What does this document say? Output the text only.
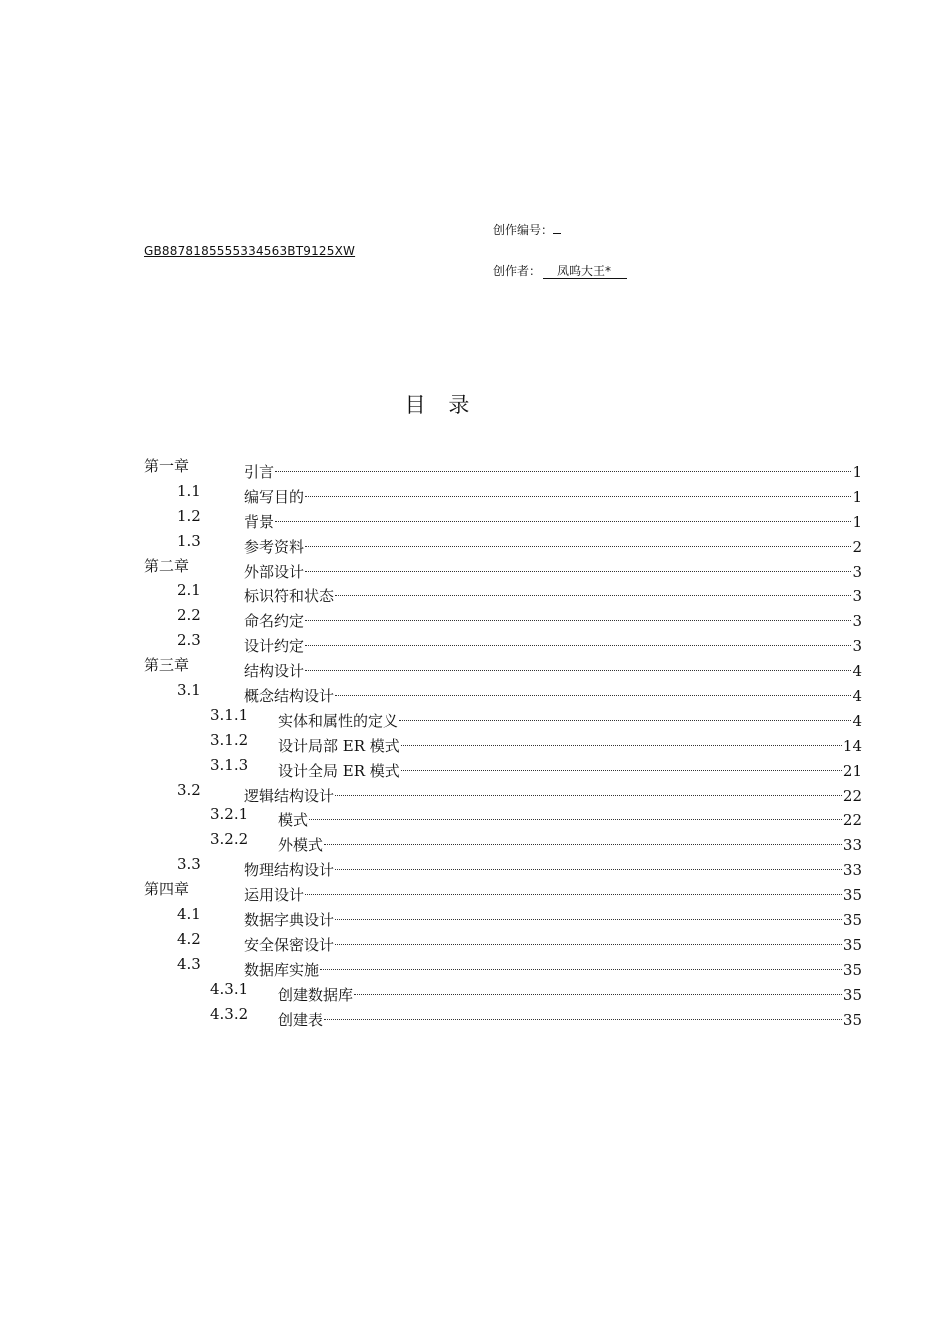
创作编号：
GB8878185555334563BT9125XW
创作者： 凤呜大王*
目 录
第一章	引言	1
1.1	编写目的	1
1.2	背景	1
1.3	参考资料	2
第二章	外部设计	3
2.1	标识符和状态	3
2.2	命名约定	3
2.3	设计约定	3
第三章	结构设计	4
3.1	概念结构设计	4
3.1.1 实体和属性的定义	4
3.1.2 设计局部 ER 模式	14
3.1.3 设计全局 ER 模式	21
3.2	逻辑结构设计	22
3.2.1 模式	22
3.2.2 外模式	33
3.3	物理结构设计	33
第四章	运用设计	35
4.1	数据字典设计	35
4.2	安全保密设计	35
4.3	数据库实施	35
4.3.1 创建数据库	35
4.3.2 创建表	35
